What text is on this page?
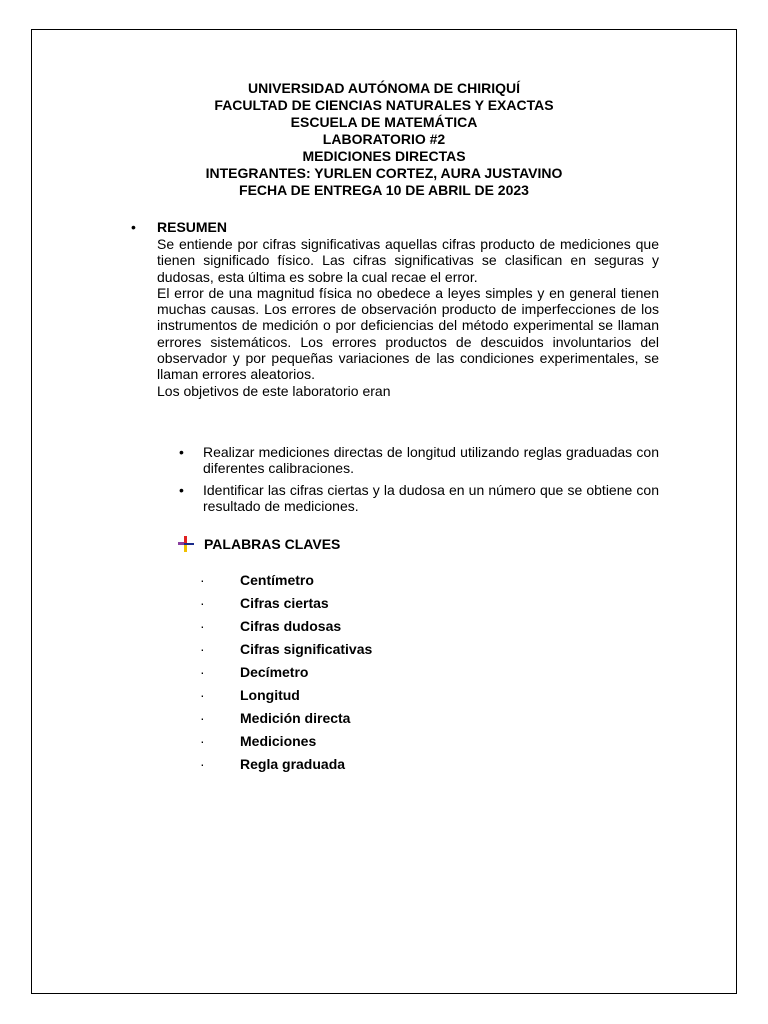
UNIVERSIDAD AUTÓNOMA DE CHIRIQUÍ
FACULTAD DE CIENCIAS NATURALES Y EXACTAS
ESCUELA DE MATEMÁTICA
LABORATORIO #2
MEDICIONES DIRECTAS
INTEGRANTES: YURLEN CORTEZ, AURA JUSTAVINO
FECHA DE ENTREGA 10 DE ABRIL DE 2023
• RESUMEN

Se entiende por cifras significativas aquellas cifras producto de mediciones que tienen significado físico. Las cifras significativas se clasifican en seguras y dudosas, esta última es sobre la cual recae el error.

El error de una magnitud física no obedece a leyes simples y en general tienen muchas causas. Los errores de observación producto de imperfecciones de los instrumentos de medición o por deficiencias del método experimental se llaman errores sistemáticos. Los errores productos de descuidos involuntarios del observador y por pequeñas variaciones de las condiciones experimentales, se llaman errores aleatorios.

Los objetivos de este laboratorio eran

• Realizar mediciones directas de longitud utilizando reglas graduadas con diferentes calibraciones.
• Identificar las cifras ciertas y la dudosa en un número que se obtiene con resultado de mediciones.
PALABRAS CLAVES
·	Centímetro
·	Cifras ciertas
·	Cifras dudosas
·	Cifras significativas
·	Decímetro
·	Longitud
·	Medición directa
·	Mediciones
·	Regla graduada
